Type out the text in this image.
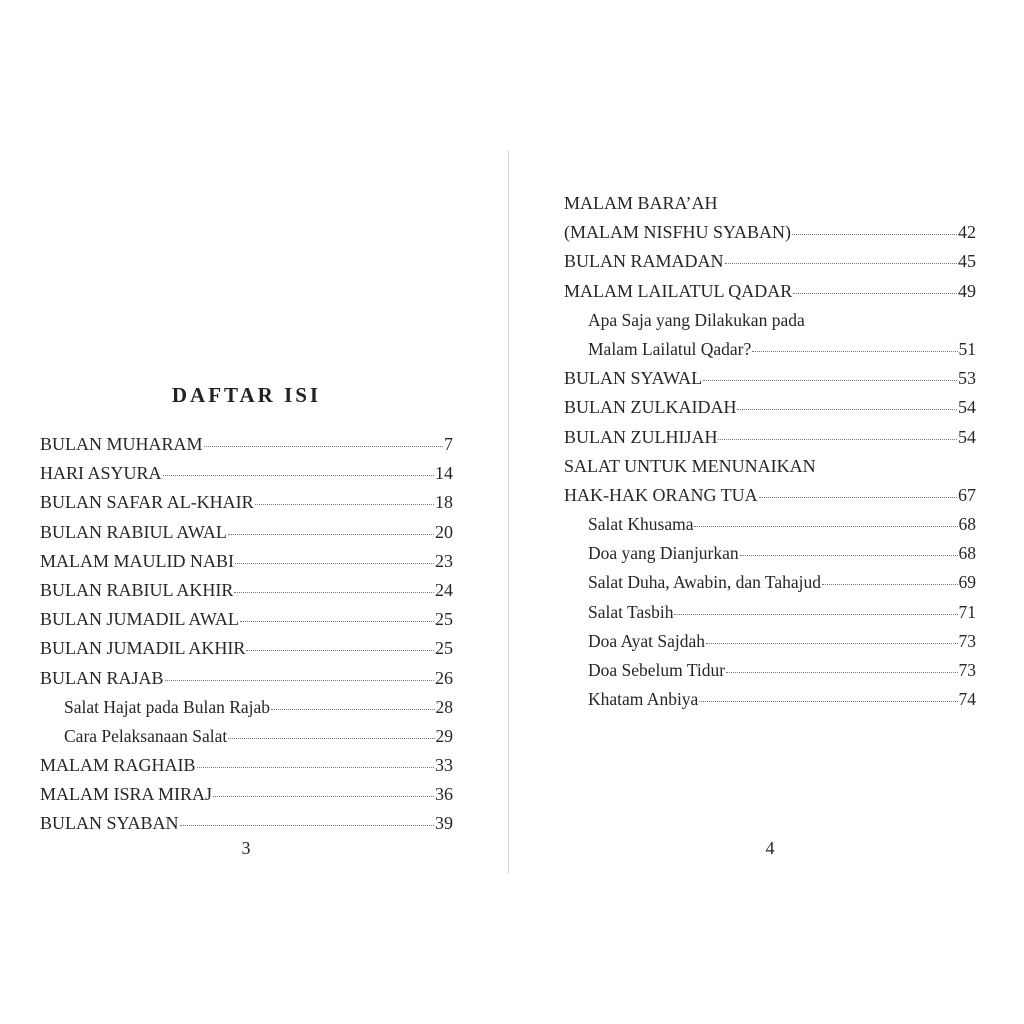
BULAN MUHARAM	7
HARI ASYURA	14
BULAN SAFAR AL-KHAIR	18
BULAN RABIUL AWAL	20
MALAM MAULID NABI	23
BULAN RABIUL AKHIR	24
BULAN JUMADIL AWAL	25
BULAN JUMADIL AKHIR	25
BULAN RAJAB	26
Salat Hajat pada Bulan Rajab	28
Cara Pelaksanaan Salat	29
MALAM RAGHAIB	33
MALAM ISRA MIRAJ	36
BULAN SYABAN	39
3
DAFTAR ISI
MALAM BARA’AH
(MALAM NISFHU SYABAN)	42
BULAN RAMADAN	45
MALAM LAILATUL QADAR	49
Apa Saja yang Dilakukan pada
Malam Lailatul Qadar?	51
BULAN SYAWAL	53
BULAN ZULKAIDAH	54
BULAN ZULHIJAH	54
SALAT UNTUK MENUNAIKAN
HAK-HAK ORANG TUA	67
Salat Khusama	68
Doa yang Dianjurkan	68
Salat Duha, Awabin, dan Tahajud	69
Salat Tasbih	71
Doa Ayat Sajdah	73
Doa Sebelum Tidur	73
Khatam Anbiya	74
4
